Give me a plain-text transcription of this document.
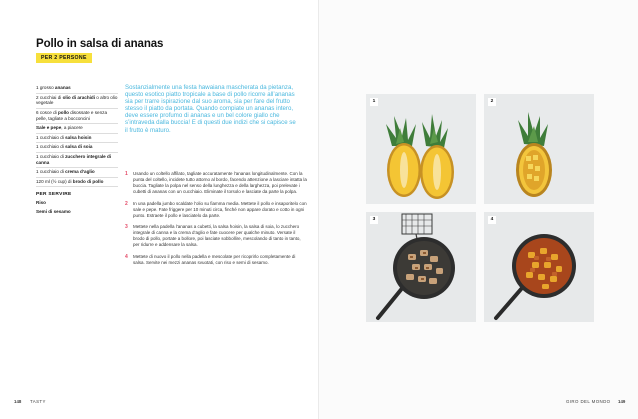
Pollo in salsa di ananas
PER 2 PERSONE
1 grosso ananas
2 cucchiai di olio di arachidi o altro olio vegetale
6 cosce di pollo disossate e senza pelle, tagliate a bocconcini
Sale e pepe, a piacere
1 cucchiaio di salsa hoisin
1 cucchiaio di salsa di soia
1 cucchiaio di zucchero integrale di canna
1 cucchiaio di crema d’aglio
120 ml (½ cup) di brodo di pollo
PER SERVIRE
Riso
Semi di sesamo

Sostanzialmente una festa hawaiana mascherata da pietanza, questo esotico piatto tropicale a base di pollo ricorre all’ananas sia per trarre ispirazione dal suo aroma, sia per fare del frutto stesso il piatto da portata. Quando compiate un ananas intero, deve essere profumo di ananas e un bel colore giallo che s’intraveda dalla buccia! E di questi due indizi che si capisce se il frutto è maturo.

1 Usando un coltello affilato, tagliate accuratamente l’ananas longitudinalmente. Con la punta del coltello, incidete tutto attorno al bordo, facendo attenzione a lasciare intatta la buccia. Tagliate la polpa nel senso della lunghezza e della larghezza, poi prelevate i cubetti di ananas con un cucchiaio. Eliminate il torsolo e lasciate da parte la polpa.
2 In una padella jumbo scaldate l’olio su fiamma media. Mettete il pollo e insaporitelo con sale e pepe. Fate friggere per 10 minuti circa, finché non appare dorato e cotto in ogni punto. Estraete il pollo e lasciatelo da parte.
3 Mettete nella padella l’ananas a cubetti, la salsa hoisin, la salsa di soia, lo zucchero integrale di canna e la crema d’aglio e fate cuocere per qualche minuto. Versate il brodo di pollo, portate a bollore, poi lasciate sobbollire, mescolando di tanto in tanto, per ridurre e addensare la salsa.
4 Mettete di nuovo il pollo nella padella e mescolate per ricoprirlo completamente di salsa. Servite nei mezzi ananas svuotati, con riso e semi di sesamo.
148 TASTY	GIRO DEL MONDO 149
1	2
3	4
